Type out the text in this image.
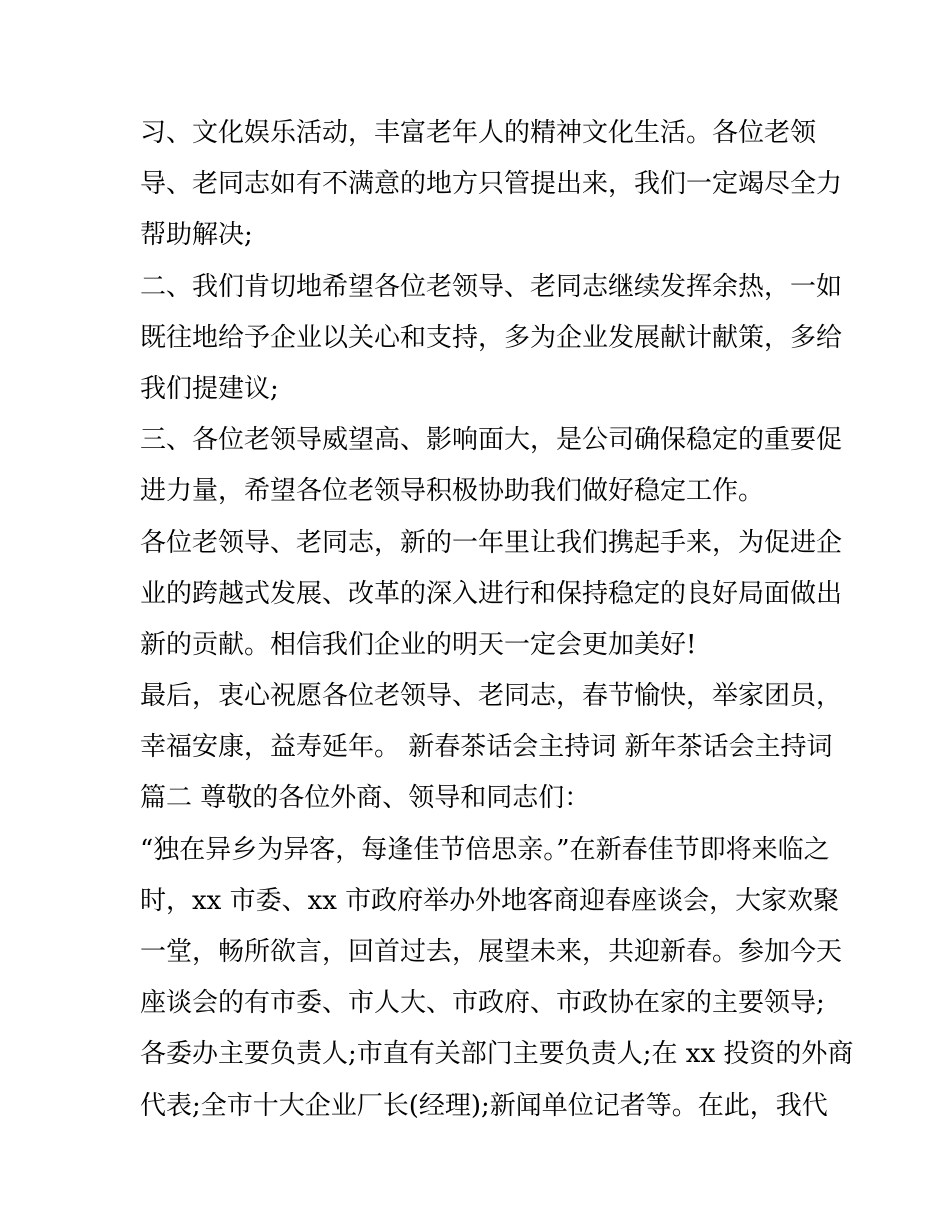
习、文化娱乐活动，丰富老年人的精神文化生活。各位老领
导、老同志如有不满意的地方只管提出来，我们一定竭尽全力
帮助解决;
二、我们肯切地希望各位老领导、老同志继续发挥余热，一如
既往地给予企业以关心和支持，多为企业发展献计献策，多给
我们提建议;
三、各位老领导威望高、影响面大，是公司确保稳定的重要促
进力量，希望各位老领导积极协助我们做好稳定工作。
各位老领导、老同志，新的一年里让我们携起手来，为促进企
业的跨越式发展、改革的深入进行和保持稳定的良好局面做出
新的贡献。相信我们企业的明天一定会更加美好!
最后，衷心祝愿各位老领导、老同志，春节愉快，举家团员，
幸福安康，益寿延年。 新春茶话会主持词 新年茶话会主持词
篇二 尊敬的各位外商、领导和同志们：
“独在异乡为异客，每逢佳节倍思亲。”在新春佳节即将来临之
时，xx 市委、xx 市政府举办外地客商迎春座谈会，大家欢聚
一堂，畅所欲言，回首过去，展望未来，共迎新春。参加今天
座谈会的有市委、市人大、市政府、市政协在家的主要领导;
各委办主要负责人;市直有关部门主要负责人;在 xx 投资的外商
代表;全市十大企业厂长(经理);新闻单位记者等。在此，我代
